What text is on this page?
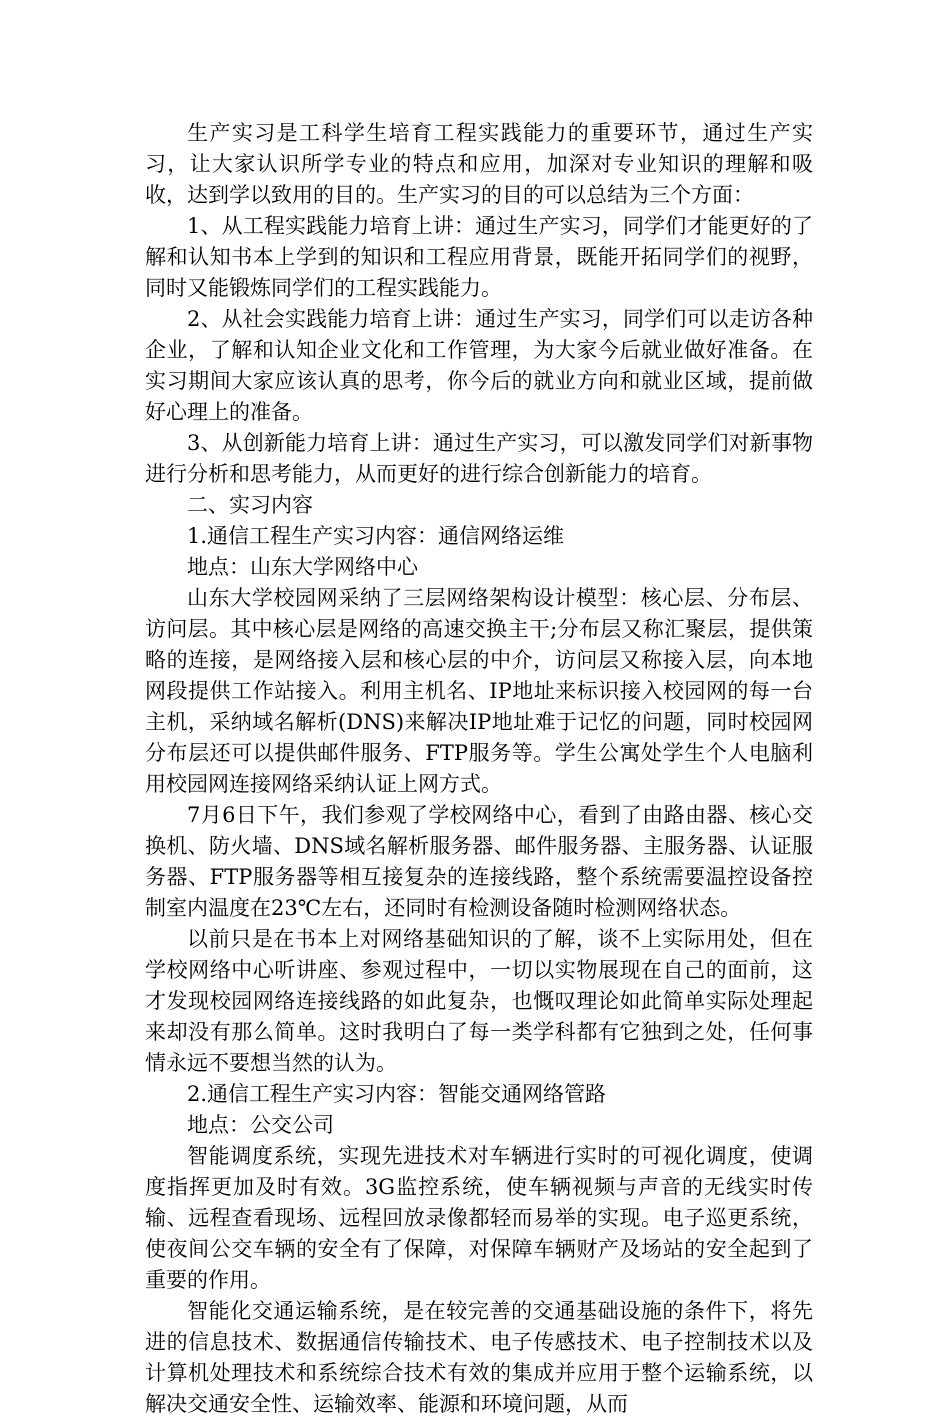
生产实习是工科学生培育工程实践能力的重要环节，通过生产实习，让大家认识所学专业的特点和应用，加深对专业知识的理解和吸收，达到学以致用的目的。生产实习的目的可以总结为三个方面：

1、从工程实践能力培育上讲：通过生产实习，同学们才能更好的了解和认知书本上学到的知识和工程应用背景，既能开拓同学们的视野，同时又能锻炼同学们的工程实践能力。

2、从社会实践能力培育上讲：通过生产实习，同学们可以走访各种企业，了解和认知企业文化和工作管理，为大家今后就业做好准备。在实习期间大家应该认真的思考，你今后的就业方向和就业区域，提前做好心理上的准备。

3、从创新能力培育上讲：通过生产实习，可以激发同学们对新事物进行分析和思考能力，从而更好的进行综合创新能力的培育。

二、实习内容

1.通信工程生产实习内容：通信网络运维

地点：山东大学网络中心

山东大学校园网采纳了三层网络架构设计模型：核心层、分布层、访问层。其中核心层是网络的高速交换主干;分布层又称汇聚层，提供策略的连接，是网络接入层和核心层的中介，访问层又称接入层，向本地网段提供工作站接入。利用主机名、IP地址来标识接入校园网的每一台主机，采纳域名解析(DNS)来解决IP地址难于记忆的问题，同时校园网分布层还可以提供邮件服务、FTP服务等。学生公寓处学生个人电脑利用校园网连接网络采纳认证上网方式。

7月6日下午，我们参观了学校网络中心，看到了由路由器、核心交换机、防火墙、DNS域名解析服务器、邮件服务器、主服务器、认证服务器、FTP服务器等相互接复杂的连接线路，整个系统需要温控设备控制室内温度在23℃左右，还同时有检测设备随时检测网络状态。

以前只是在书本上对网络基础知识的了解，谈不上实际用处，但在学校网络中心听讲座、参观过程中，一切以实物展现在自己的面前，这才发现校园网络连接线路的如此复杂，也慨叹理论如此简单实际处理起来却没有那么简单。这时我明白了每一类学科都有它独到之处，任何事情永远不要想当然的认为。

2.通信工程生产实习内容：智能交通网络管路

地点：公交公司

智能调度系统，实现先进技术对车辆进行实时的可视化调度，使调度指挥更加及时有效。3G监控系统，使车辆视频与声音的无线实时传输、远程查看现场、远程回放录像都轻而易举的实现。电子巡更系统，使夜间公交车辆的安全有了保障，对保障车辆财产及场站的安全起到了重要的作用。

智能化交通运输系统，是在较完善的交通基础设施的条件下，将先进的信息技术、数据通信传输技术、电子传感技术、电子控制技术以及计算机处理技术和系统综合技术有效的集成并应用于整个运输系统，以解决交通安全性、运输效率、能源和环境问题，从而
